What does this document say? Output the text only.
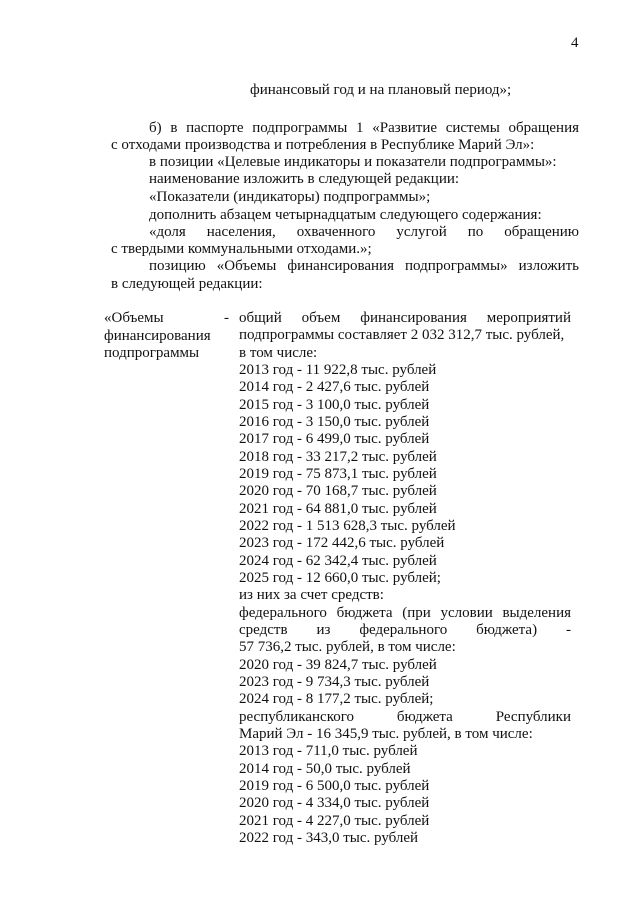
4
финансовый год и на плановый период»;
б) в паспорте подпрограммы 1 «Развитие системы обращения
с отходами производства и потребления в Республике Марий Эл»:
в позиции «Целевые индикаторы и показатели подпрограммы»:
наименование изложить в следующей редакции:
«Показатели (индикаторы) подпрограммы»;
дополнить абзацем четырнадцатым следующего содержания:
«доля населения, охваченного услугой по обращению
с твердыми коммунальными отходами.»;
позицию «Объемы финансирования подпрограммы» изложить
в следующей редакции:
«Объемы
финансирования
подпрограммы
- общий объем финансирования мероприятий
подпрограммы составляет 2 032 312,7 тыс. рублей,
в том числе:
2013 год - 11 922,8 тыс. рублей
2014 год - 2 427,6 тыс. рублей
2015 год - 3 100,0 тыс. рублей
2016 год - 3 150,0 тыс. рублей
2017 год - 6 499,0 тыс. рублей
2018 год - 33 217,2 тыс. рублей
2019 год - 75 873,1 тыс. рублей
2020 год - 70 168,7 тыс. рублей
2021 год - 64 881,0 тыс. рублей
2022 год - 1 513 628,3 тыс. рублей
2023 год - 172 442,6 тыс. рублей
2024 год - 62 342,4 тыс. рублей
2025 год - 12 660,0 тыс. рублей;
из них за счет средств:
федерального бюджета (при условии выделения
средств из федерального бюджета) -
57 736,2 тыс. рублей, в том числе:
2020 год - 39 824,7 тыс. рублей
2023 год - 9 734,3 тыс. рублей
2024 год - 8 177,2 тыс. рублей;
республиканского бюджета Республики
Марий Эл - 16 345,9 тыс. рублей, в том числе:
2013 год - 711,0 тыс. рублей
2014 год - 50,0 тыс. рублей
2019 год - 6 500,0 тыс. рублей
2020 год - 4 334,0 тыс. рублей
2021 год - 4 227,0 тыс. рублей
2022 год - 343,0 тыс. рублей
